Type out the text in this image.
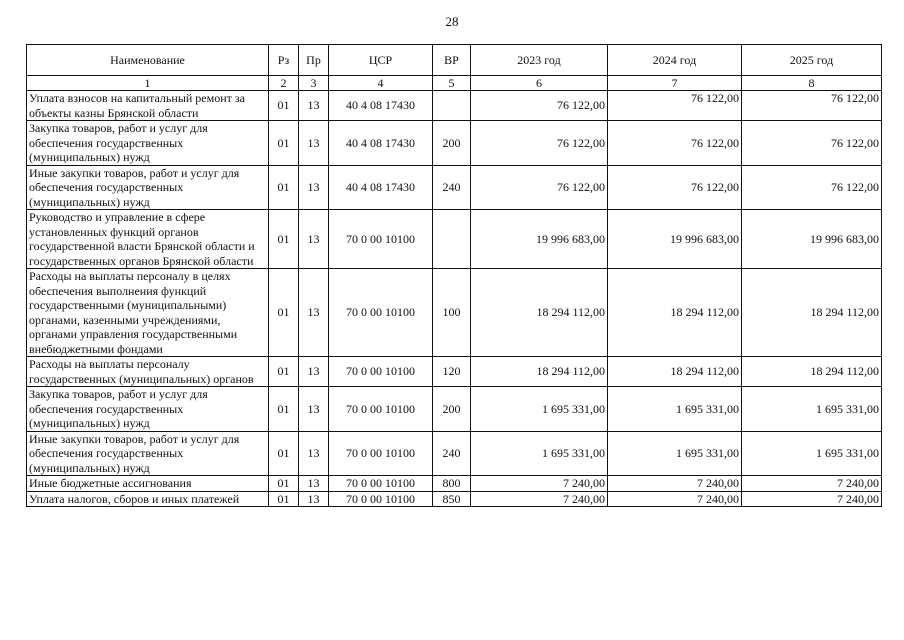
28
Наименование	Рз	Пр	ЦСР	ВР	2023 год	2024 год	2025 год
1	2	3	4	5	6	7	8
Уплата взносов на капитальный ремонт за объекты казны Брянской области	01	13	40 4 08 17430		76 122,00	76 122,00	76 122,00
Закупка товаров, работ и услуг для обеспечения государственных (муниципальных) нужд	01	13	40 4 08 17430	200	76 122,00	76 122,00	76 122,00
Иные закупки товаров, работ и услуг для обеспечения государственных (муниципальных) нужд	01	13	40 4 08 17430	240	76 122,00	76 122,00	76 122,00
Руководство и управление в сфере установленных функций органов государственной власти Брянской области и государственных органов Брянской области	01	13	70 0 00 10100		19 996 683,00	19 996 683,00	19 996 683,00
Расходы на выплаты персоналу в целях обеспечения выполнения функций государственными (муниципальными) органами, казенными учреждениями, органами управления государственными внебюджетными фондами	01	13	70 0 00 10100	100	18 294 112,00	18 294 112,00	18 294 112,00
Расходы на выплаты персоналу государственных (муниципальных) органов	01	13	70 0 00 10100	120	18 294 112,00	18 294 112,00	18 294 112,00
Закупка товаров, работ и услуг для обеспечения государственных (муниципальных) нужд	01	13	70 0 00 10100	200	1 695 331,00	1 695 331,00	1 695 331,00
Иные закупки товаров, работ и услуг для обеспечения государственных (муниципальных) нужд	01	13	70 0 00 10100	240	1 695 331,00	1 695 331,00	1 695 331,00
Иные бюджетные ассигнования	01	13	70 0 00 10100	800	7 240,00	7 240,00	7 240,00
Уплата налогов, сборов и иных платежей	01	13	70 0 00 10100	850	7 240,00	7 240,00	7 240,00
